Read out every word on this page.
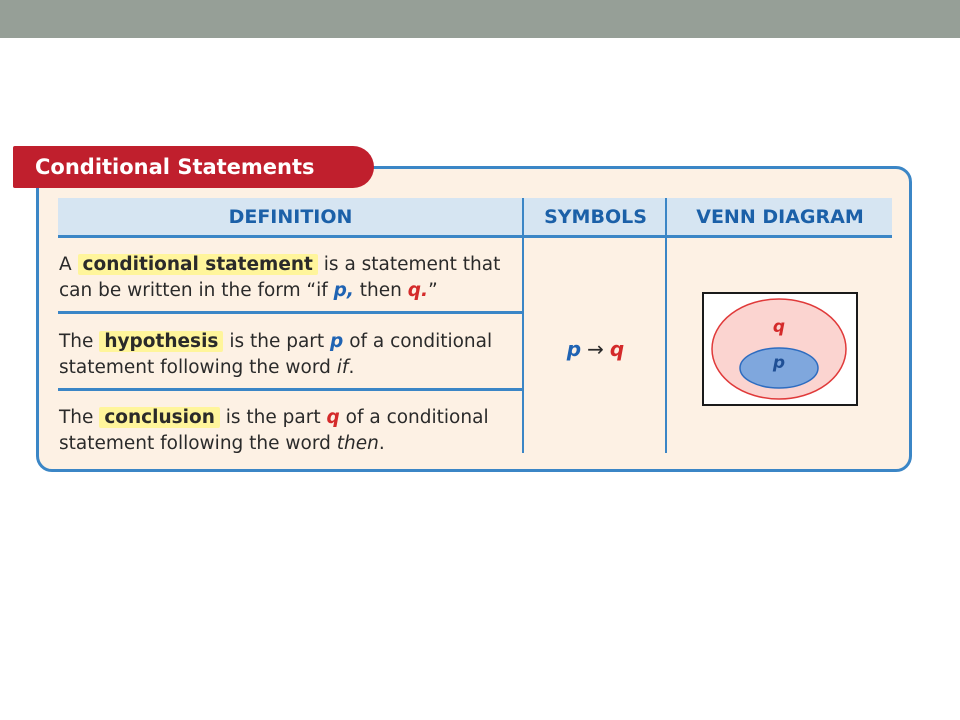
Conditional Statements
DEFINITION	SYMBOLS	VENN DIAGRAM
A conditional statement is a statement that
can be written in the form “if p, then q.”
The hypothesis is the part p of a conditional
statement following the word if.
The conclusion is the part q of a conditional
statement following the word then.
p → q
q
p
